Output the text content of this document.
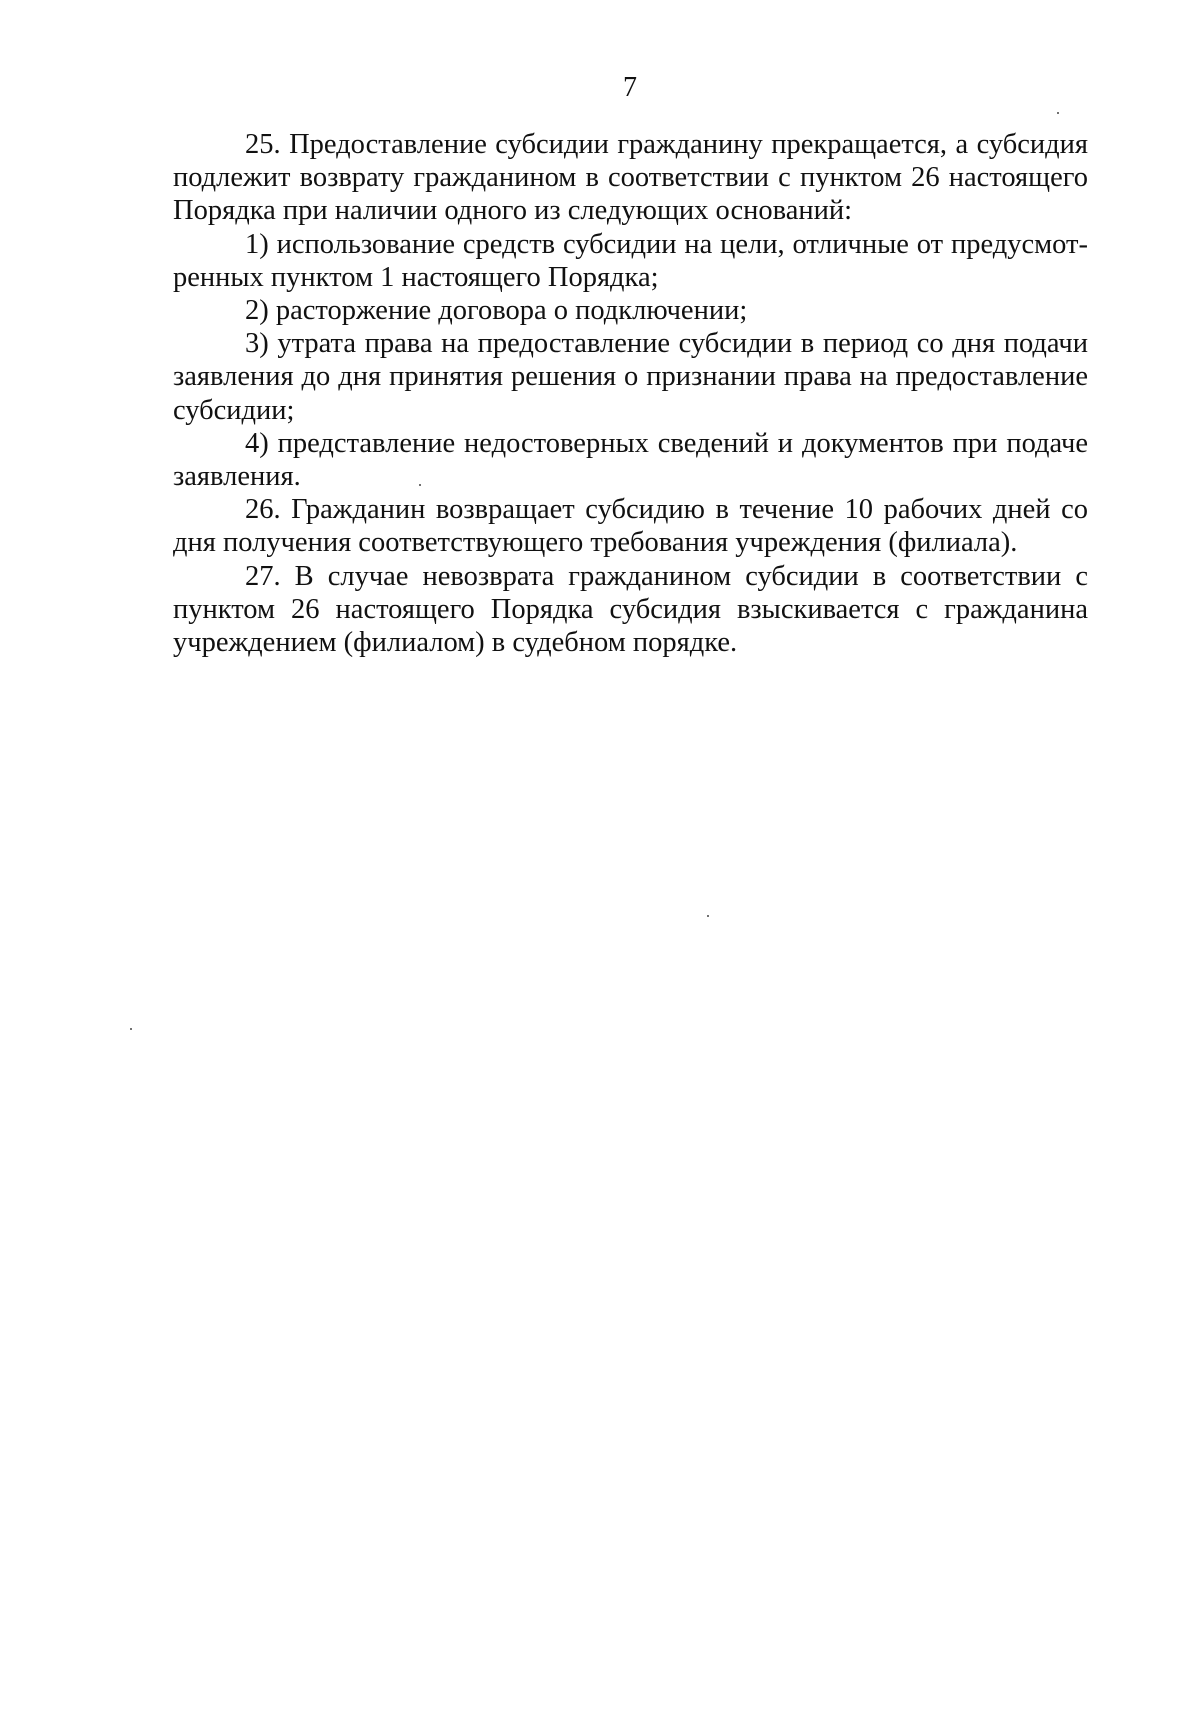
7

25. Предоставление субсидии гражданину прекращается, а субсидия подлежит возврату гражданином в соответствии с пунктом 26 настоящего Порядка при наличии одного из следующих оснований:

1) использование средств субсидии на цели, отличные от предусмотренных пунктом 1 настоящего Порядка;

2) расторжение договора о подключении;

3) утрата права на предоставление субсидии в период со дня подачи заявления до дня принятия решения о признании права на предоставление субсидии;

4) представление недостоверных сведений и документов при подаче заявления.

26. Гражданин возвращает субсидию в течение 10 рабочих дней со дня получения соответствующего требования учреждения (филиала).

27. В случае невозврата гражданином субсидии в соответствии с пунктом 26 настоящего Порядка субсидия взыскивается с гражданина учреждением (филиалом) в судебном порядке.
